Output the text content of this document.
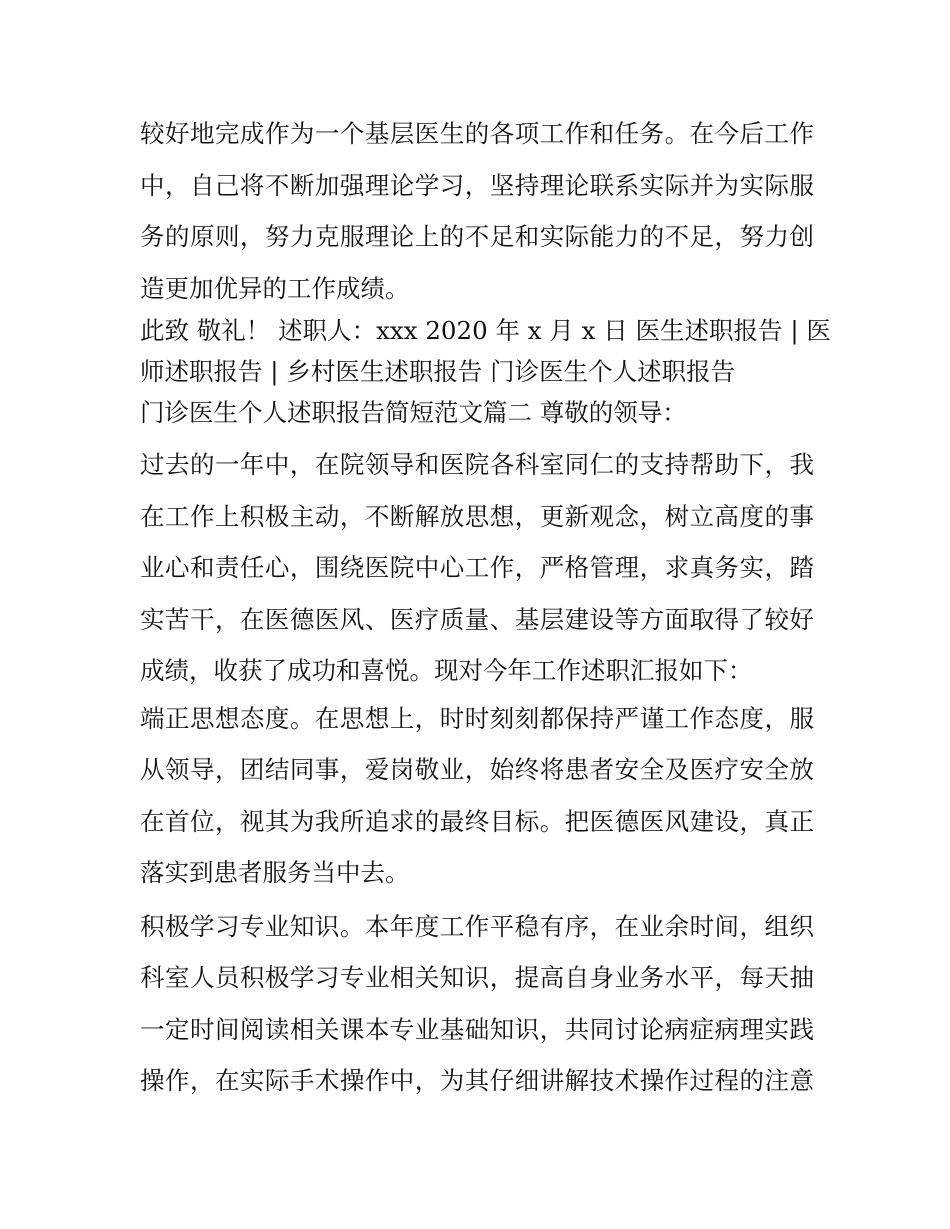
较好地完成作为一个基层医生的各项工作和任务。在今后工作
中，自己将不断加强理论学习，坚持理论联系实际并为实际服
务的原则，努力克服理论上的不足和实际能力的不足，努力创
造更加优异的工作成绩。
此致 敬礼！ 述职人：xxx 2020 年 x 月 x 日 医生述职报告 | 医
师述职报告 | 乡村医生述职报告 门诊医生个人述职报告
门诊医生个人述职报告简短范文篇二 尊敬的领导：
过去的一年中，在院领导和医院各科室同仁的支持帮助下，我
在工作上积极主动，不断解放思想，更新观念，树立高度的事
业心和责任心，围绕医院中心工作，严格管理，求真务实，踏
实苦干，在医德医风、医疗质量、基层建设等方面取得了较好
成绩，收获了成功和喜悦。现对今年工作述职汇报如下：
端正思想态度。在思想上，时时刻刻都保持严谨工作态度，服
从领导，团结同事，爱岗敬业，始终将患者安全及医疗安全放
在首位，视其为我所追求的最终目标。把医德医风建设，真正
落实到患者服务当中去。
积极学习专业知识。本年度工作平稳有序，在业余时间，组织
科室人员积极学习专业相关知识，提高自身业务水平，每天抽
一定时间阅读相关课本专业基础知识，共同讨论病症病理实践
操作，在实际手术操作中，为其仔细讲解技术操作过程的注意
